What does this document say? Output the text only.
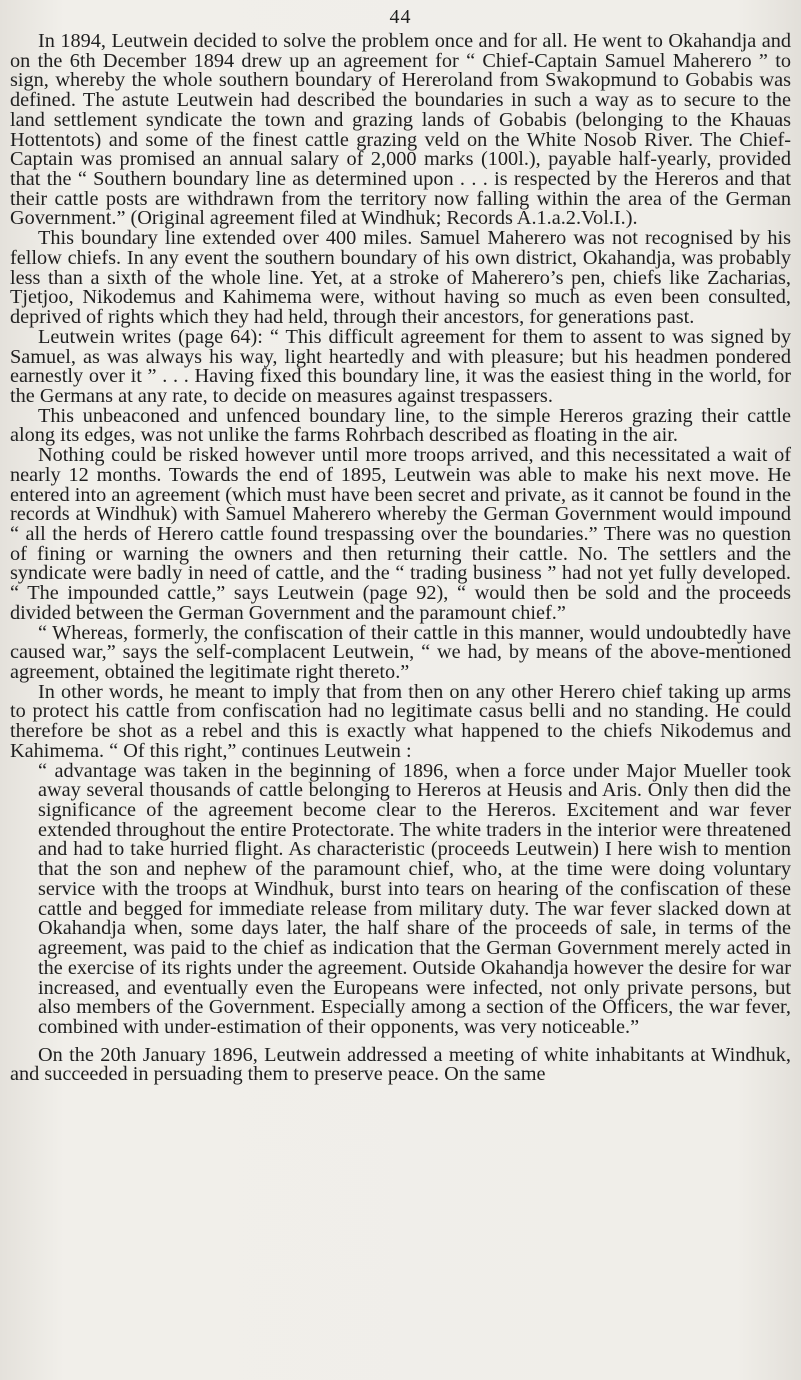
44

In 1894, Leutwein decided to solve the problem once and for all. He went to Okahandja and on the 6th December 1894 drew up an agreement for “ Chief-Captain Samuel Maherero ” to sign, whereby the whole southern boundary of Hereroland from Swakopmund to Gobabis was defined. The astute Leutwein had described the boundaries in such a way as to secure to the land settlement syndicate the town and grazing lands of Gobabis (belonging to the Khauas Hottentots) and some of the finest cattle grazing veld on the White Nosob River. The Chief-Captain was promised an annual salary of 2,000 marks (100l.), payable half-yearly, provided that the “ Southern boundary line as determined upon . . . is respected by the Hereros and that their cattle posts are withdrawn from the territory now falling within the area of the German Government.” (Original agreement filed at Windhuk; Records A.1.a.2.Vol.I.).

This boundary line extended over 400 miles. Samuel Maherero was not recognised by his fellow chiefs. In any event the southern boundary of his own district, Okahandja, was probably less than a sixth of the whole line. Yet, at a stroke of Maherero’s pen, chiefs like Zacharias, Tjetjoo, Nikodemus and Kahimema were, without having so much as even been consulted, deprived of rights which they had held, through their ancestors, for generations past.

Leutwein writes (page 64): “ This difficult agreement for them to assent to was signed by Samuel, as was always his way, light heartedly and with pleasure; but his headmen pondered earnestly over it ” . . . Having fixed this boundary line, it was the easiest thing in the world, for the Germans at any rate, to decide on measures against trespassers.

This unbeaconed and unfenced boundary line, to the simple Hereros grazing their cattle along its edges, was not unlike the farms Rohrbach described as floating in the air.

Nothing could be risked however until more troops arrived, and this necessitated a wait of nearly 12 months. Towards the end of 1895, Leutwein was able to make his next move. He entered into an agreement (which must have been secret and private, as it cannot be found in the records at Windhuk) with Samuel Maherero whereby the German Government would impound “ all the herds of Herero cattle found trespassing over the boundaries.” There was no question of fining or warning the owners and then returning their cattle. No. The settlers and the syndicate were badly in need of cattle, and the “ trading business ” had not yet fully developed. “ The impounded cattle,” says Leutwein (page 92), “ would then be sold and the proceeds divided between the German Government and the paramount chief.”

“ Whereas, formerly, the confiscation of their cattle in this manner, would undoubtedly have caused war,” says the self-complacent Leutwein, “ we had, by means of the above-mentioned agreement, obtained the legitimate right thereto.”

In other words, he meant to imply that from then on any other Herero chief taking up arms to protect his cattle from confiscation had no legitimate casus belli and no standing. He could therefore be shot as a rebel and this is exactly what happened to the chiefs Nikodemus and Kahimema. “ Of this right,” continues Leutwein :

“ advantage was taken in the beginning of 1896, when a force under Major Mueller took away several thousands of cattle belonging to Hereros at Heusis and Aris. Only then did the significance of the agreement become clear to the Hereros. Excitement and war fever extended throughout the entire Protectorate. The white traders in the interior were threatened and had to take hurried flight. As characteristic (proceeds Leutwein) I here wish to mention that the son and nephew of the paramount chief, who, at the time were doing voluntary service with the troops at Windhuk, burst into tears on hearing of the confiscation of these cattle and begged for immediate release from military duty. The war fever slacked down at Okahandja when, some days later, the half share of the proceeds of sale, in terms of the agreement, was paid to the chief as indication that the German Government merely acted in the exercise of its rights under the agreement. Outside Okahandja however the desire for war increased, and eventually even the Europeans were infected, not only private persons, but also members of the Government. Especially among a section of the Officers, the war fever, combined with under-estimation of their opponents, was very noticeable.”

On the 20th January 1896, Leutwein addressed a meeting of white inhabitants at Windhuk, and succeeded in persuading them to preserve peace. On the same
